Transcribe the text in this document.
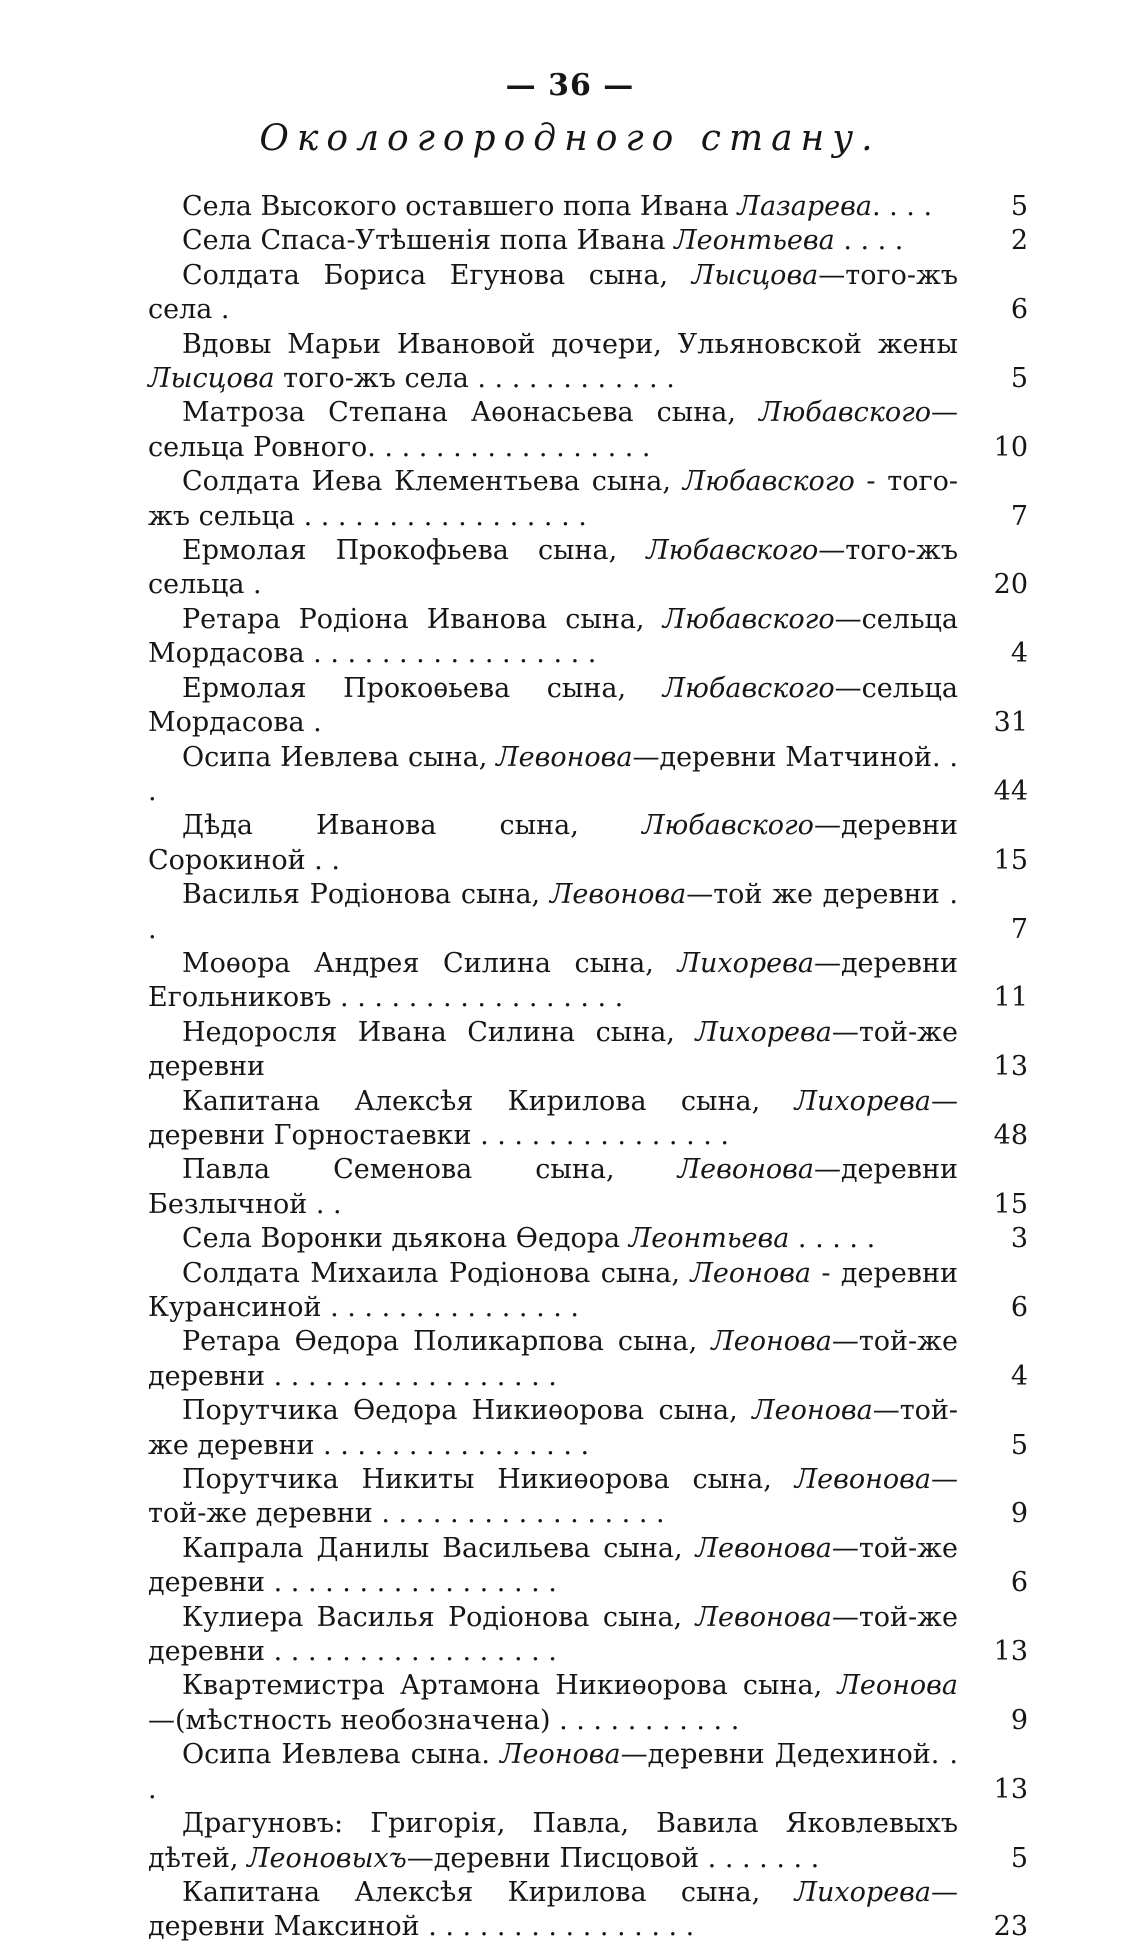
— 36 —
Окологородного стану.
Села Высокого оставшего попа Ивана Лазарева. . . .	5
Села Спаса-Утѣшенія попа Ивана Леонтьева . . . .	2
Солдата Бориса Егунова сына, Лысцова—того-жъ села .	6
Вдовы Марьи Ивановой дочери, Ульяновской жены Лысцова того-жъ села . . . . . . . . . . . .	5
Матроза Степана Аѳонасьева сына, Любавского—сельца Ровного. . . . . . . . . . . . . . . . .	10
Солдата Иева Клементьева сына, Любавского - того-жъ сельца . . . . . . . . . . . . . . . . .	7
Ермолая Прокофьева сына, Любавского—того-жъ сельца .	20
Ретара Родіона Иванова сына, Любавского—сельца Мордасова . . . . . . . . . . . . . . . . .	4
Ермолая Прокоѳьева сына, Любавского—сельца Мордасова .	31
Осипа Иевлева сына, Левонова—деревни Матчиной. . .	44
Дѣда Иванова сына, Любавского—деревни Сорокиной . .	15
Василья Родіонова сына, Левонова—той же деревни . .	7
Моѳора Андрея Силина сына, Лихорева—деревни Егольниковъ . . . . . . . . . . . . . . . . .	11
Недоросля Ивана Силина сына, Лихорева—той-же деревни	13
Капитана Алексѣя Кирилова сына, Лихорева—деревни Горностаевки . . . . . . . . . . . . . . .	48
Павла Семенова сына, Левонова—деревни Безлычной . .	15
Села Воронки дьякона Ѳедора Леонтьева . . . . .	3
Солдата Михаила Родіонова сына, Леонова - деревни Курансиной . . . . . . . . . . . . . . .	6
Ретара Ѳедора Поликарпова сына, Леонова—той-же деревни . . . . . . . . . . . . . . . . .	4
Порутчика Ѳедора Никиѳорова сына, Леонова—той-же деревни . . . . . . . . . . . . . . . .	5
Порутчика Никиты Никиѳорова сына, Левонова—той-же деревни . . . . . . . . . . . . . . . . .	9
Капрала Данилы Васильева сына, Левонова—той-же деревни . . . . . . . . . . . . . . . . .	6
Кулиера Василья Родіонова сына, Левонова—той-же деревни . . . . . . . . . . . . . . . . .	13
Квартемистра Артамона Никиѳорова сына, Леонова—(мѣстность необозначена) . . . . . . . . . . .	9
Осипа Иевлева сына. Леонова—деревни Дедехиной. . .	13
Драгуновъ: Григорія, Павла, Вавила Яковлевыхъ дѣтей, Леоновыхъ—деревни Писцовой . . . . . . .	5
Капитана Алексѣя Кирилова сына, Лихорева—деревни Максиной . . . . . . . . . . . . . . . .	23
